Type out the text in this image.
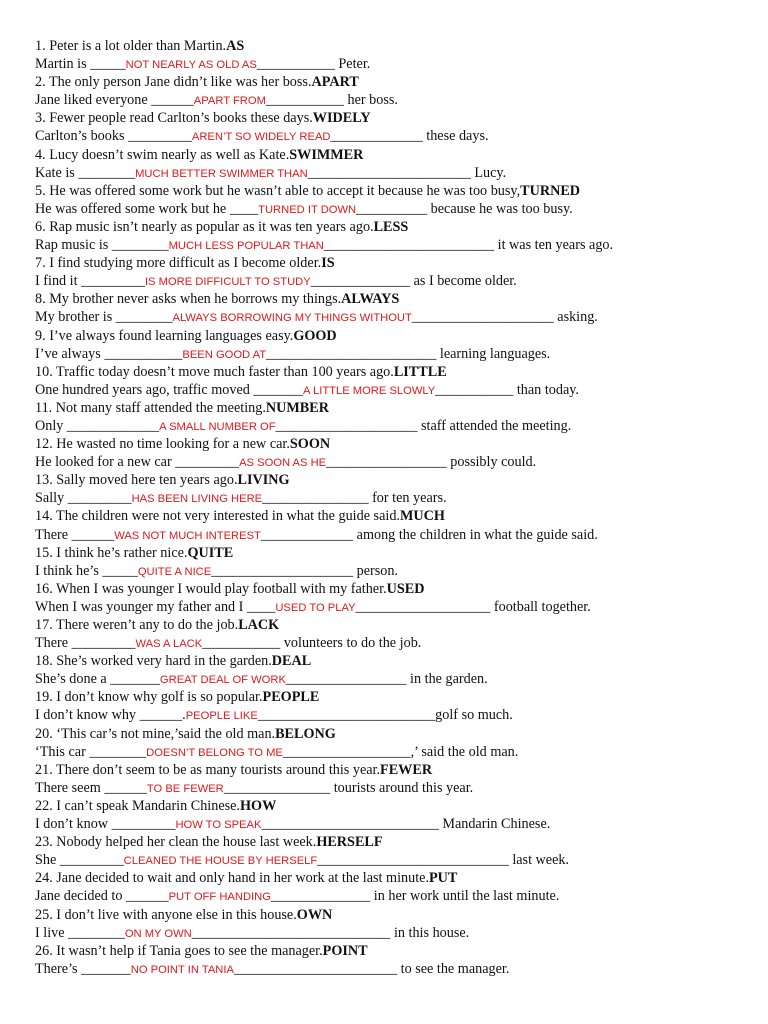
1. Peter is a lot older than Martin.AS
Martin is _____NOT NEARLY AS OLD AS___________ Peter.
2. The only person Jane didn’t like was her boss.APART
Jane liked everyone ______APART FROM___________ her boss.
3. Fewer people read Carlton’s books these days.WIDELY
Carlton’s books _________AREN’T SO WIDELY READ_____________ these days.
4. Lucy doesn’t swim nearly as well as Kate.SWIMMER
Kate is ________MUCH BETTER SWIMMER THAN_______________________ Lucy.
5. He was offered some work but he wasn’t able to accept it because he was too busy,TURNED
He was offered some work but he ____TURNED IT DOWN__________ because he was too busy.
6. Rap music isn’t nearly as popular as it was ten years ago.LESS
Rap music is ________MUCH LESS POPULAR THAN________________________ it was ten years ago.
7. I find studying more difficult as I become older.IS
I find it _________IS MORE DIFFICULT TO STUDY______________ as I become older.
8. My brother never asks when he borrows my things.ALWAYS
My brother is ________ALWAYS BORROWING MY THINGS WITHOUT____________________ asking.
9. I’ve always found learning languages easy.GOOD
I’ve always ___________BEEN GOOD AT________________________ learning languages.
10. Traffic today doesn’t move much faster than 100 years ago.LITTLE
One hundred years ago, traffic moved _______A LITTLE MORE SLOWLY___________ than today.
11. Not many staff attended the meeting.NUMBER
Only _____________A SMALL NUMBER OF____________________ staff attended the meeting.
12. He wasted no time looking for a new car.SOON
He looked for a new car _________AS SOON AS HE_________________ possibly could.
13. Sally moved here ten years ago.LIVING
Sally _________HAS BEEN LIVING HERE_______________ for ten years.
14. The children were not very interested in what the guide said.MUCH
There ______WAS NOT MUCH INTEREST_____________ among the children in what the guide said.
15. I think he’s rather nice.QUITE
I think he’s _____QUITE A NICE____________________ person.
16. When I was younger I would play football with my father.USED
When I was younger my father and I ____USED TO PLAY___________________ football together.
17. There weren’t any to do the job.LACK
There _________WAS A LACK___________ volunteers to do the job.
18. She’s worked very hard in the garden.DEAL
She’s done a _______GREAT DEAL OF WORK_________________ in the garden.
19. I don’t know why golf is so popular.PEOPLE
I don’t know why ______.PEOPLE LIKE_________________________golf so much.
20. ‘This car’s not mine,’said the old man.BELONG
‘This car ________DOESN’T BELONG TO ME__________________,’ said the old man.
21. There don’t seem to be as many tourists around this year.FEWER
There seem ______TO BE FEWER_______________ tourists around this year.
22. I can’t speak Mandarin Chinese.HOW
I don’t know _________HOW TO SPEAK_________________________ Mandarin Chinese.
23. Nobody helped her clean the house last week.HERSELF
She _________CLEANED THE HOUSE BY HERSELF___________________________ last week.
24. Jane decided to wait and only hand in her work at the last minute.PUT
Jane decided to ______PUT OFF HANDING______________ in her work until the last minute.
25. I don’t live with anyone else in this house.OWN
I live ________ON MY OWN____________________________ in this house.
26. It wasn’t help if Tania goes to see the manager.POINT
There’s _______NO POINT IN TANIA_______________________ to see the manager.
